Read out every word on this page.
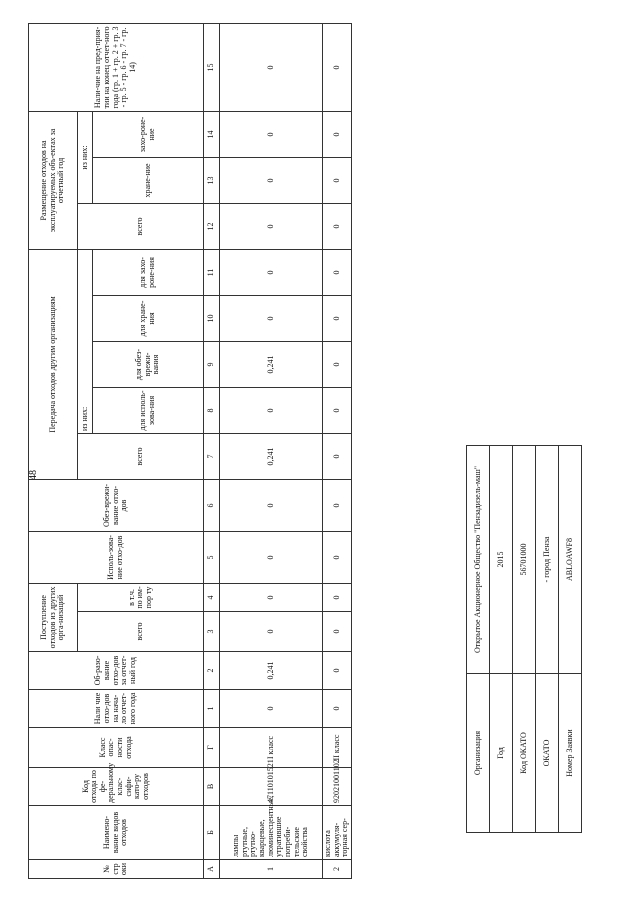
48
№ стр оки	Наимено-вание видов отходов	Код отхода по фе-деральному клас-сифи-като-ру отходов	Класс опас-ности отхода	Нали чие отхо-дов на нача-ло отчет-ного года	Об-разо-вание отхо-дов за отчет-ный год	Поступление отходов из других орга-низаций		Исполь-зова-ние отхо-дов	Обез-врежи-вание отхо-дов	Передача отходов другим организациям					Размещение отходов на эксплуатируемых объ-ектах за отчетный год			Нали-чие на пред-прия-тии на конец отчет-ного года (гр. 1 + гр. 2 + гр. 3 - гр. 5 - гр. 6 - гр. 7 - гр. 14)
						всего	в т.ч. по им-пор ту			всего	из них:				всего	из них:		
											для исполь-зова-ния	для обез-врежи-вания	для хране-ния	для захо-роне-ния		хране-ние	захо-роне-ние	
А	Б	В	Г	1	2	3	4	5	6	7	8	9	10	11	12	13	14	15
1	лампы ртутные, ртутно-кварцевые, люминесцентные, утратившие потреби-тельские свойства	47110101521	I класс	0	0,241	0	0	0	0	0,241	0	0,241	0	0	0	0	0	0
2	кислота аккумуля-торная сер-	92021001102	II класс	0	0	0	0	0	0	0	0	0	0	0	0	0	0	0
Организация	Открытое Акционерное Общество "Пензадизель-маш"
Год	2015
Код ОКАТО	56701000
ОКАТО	- город Пенза
Номер Заявки	ABLOAWF8
